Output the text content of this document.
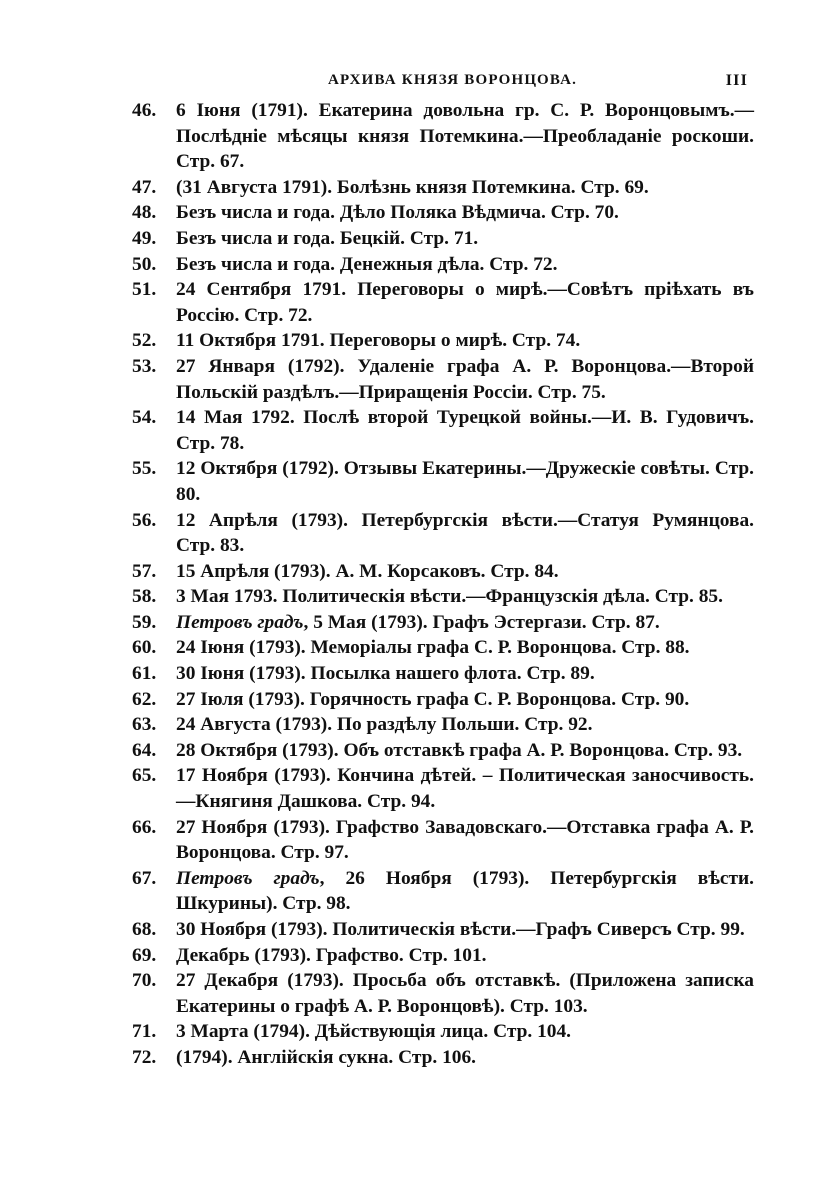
АРХИВА КНЯЗЯ ВОРОНЦОВА.	III
46. 6 Іюня (1791). Екатерина довольна гр. С. Р. Воронцовымъ.— Послѣдніе мѣсяцы князя Потемкина.—Преобладаніе роскоши. Стр. 67.
47. (31 Августа 1791). Болѣзнь князя Потемкина. Стр. 69.
48. Безъ числа и года. Дѣло Поляка Вѣдмича. Стр. 70.
49. Безъ числа и года. Бецкій. Стр. 71.
50. Безъ числа и года. Денежныя дѣла. Стр. 72.
51. 24 Сентября 1791. Переговоры о мирѣ.—Совѣтъ пріѣхать въ Россію. Стр. 72.
52. 11 Октября 1791. Переговоры о мирѣ. Стр. 74.
53. 27 Января (1792). Удаленіе графа А. Р. Воронцова.—Второй Польскій раздѣлъ.—Приращенія Россіи. Стр. 75.
54. 14 Мая 1792. Послѣ второй Турецкой войны.—И. В. Гудовичъ. Стр. 78.
55. 12 Октября (1792). Отзывы Екатерины.—Дружескіе совѣты. Стр. 80.
56. 12 Апрѣля (1793). Петербургскія вѣсти.—Статуя Румянцова. Стр. 83.
57. 15 Апрѣля (1793). А. М. Корсаковъ. Стр. 84.
58. 3 Мая 1793. Политическія вѣсти.—Французскія дѣла. Стр. 85.
59. Петровъ градъ, 5 Мая (1793). Графъ Эстергази. Стр. 87.
60. 24 Іюня (1793). Меморіалы графа С. Р. Воронцова. Стр. 88.
61. 30 Іюня (1793). Посылка нашего флота. Стр. 89.
62. 27 Іюля (1793). Горячность графа С. Р. Воронцова. Стр. 90.
63. 24 Августа (1793). По раздѣлу Польши. Стр. 92.
64. 28 Октября (1793). Объ отставкѣ графа А. Р. Воронцова. Стр. 93.
65. 17 Ноября (1793). Кончина дѣтей. – Политическая заносчивость.—Княгиня Дашкова. Стр. 94.
66. 27 Ноября (1793). Графство Завадовскаго.—Отставка графа А. Р. Воронцова. Стр. 97.
67. Петровъ градъ, 26 Ноября (1793). Петербургскія вѣсти. Шкурины). Стр. 98.
68. 30 Ноября (1793). Политическія вѣсти.—Графъ Сиверсъ Стр. 99.
69. Декабрь (1793). Графство. Стр. 101.
70. 27 Декабря (1793). Просьба объ отставкѣ. (Приложена записка Екатерины о графѣ А. Р. Воронцовѣ). Стр. 103.
71. 3 Марта (1794). Дѣйствующія лица. Стр. 104.
72. (1794). Англійскія сукна. Стр. 106.
